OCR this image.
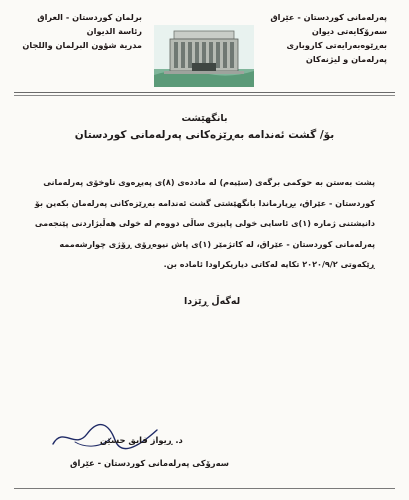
برلمان كوردستان - العراق
رئاسة الديوان
مدرية شؤون البرلمان واللجان
پەرلەمانی کوردستان - عێراق
سەرۆکایەتی دیوان
بەڕێوەبەرایەتی کاروباری
پەرلەمان و لیژنەکان
بانگهێشت
بۆ/ گشت ئەندامە بەڕێزەکانی پەرلەمانی کوردستان
پشت بەستن بە حوکمی برگەی (سێیەم) لە ماددەی (٨)ی پەیڕەوی ناوخۆی پەرلەمانی
کوردستان - عێراق، بڕیارماندا بانگهێشتی گشت ئەندامە بەڕێزەکانی پەرلەمان بکەین بۆ
دانیشتنی ژمارە (١)ی ئاسایی خولی پاییزی ساڵی دووەم لە خولی هەڵبژاردنی پێنجەمی
پەرلەمانی کوردستان - عێراق، لە کاتژمێر (١)ی پاش نیوەڕۆی ڕۆژی چوارشەممە
ڕێکەوتی ٢٠٢٠/٩/٢ تکایە لەکاتی دیاریکراودا ئامادە بن.
لەگەڵ ڕێزدا
د. ڕیواز فایق حسێن
سەرۆکی پەرلەمانی کوردستان - عێراق
